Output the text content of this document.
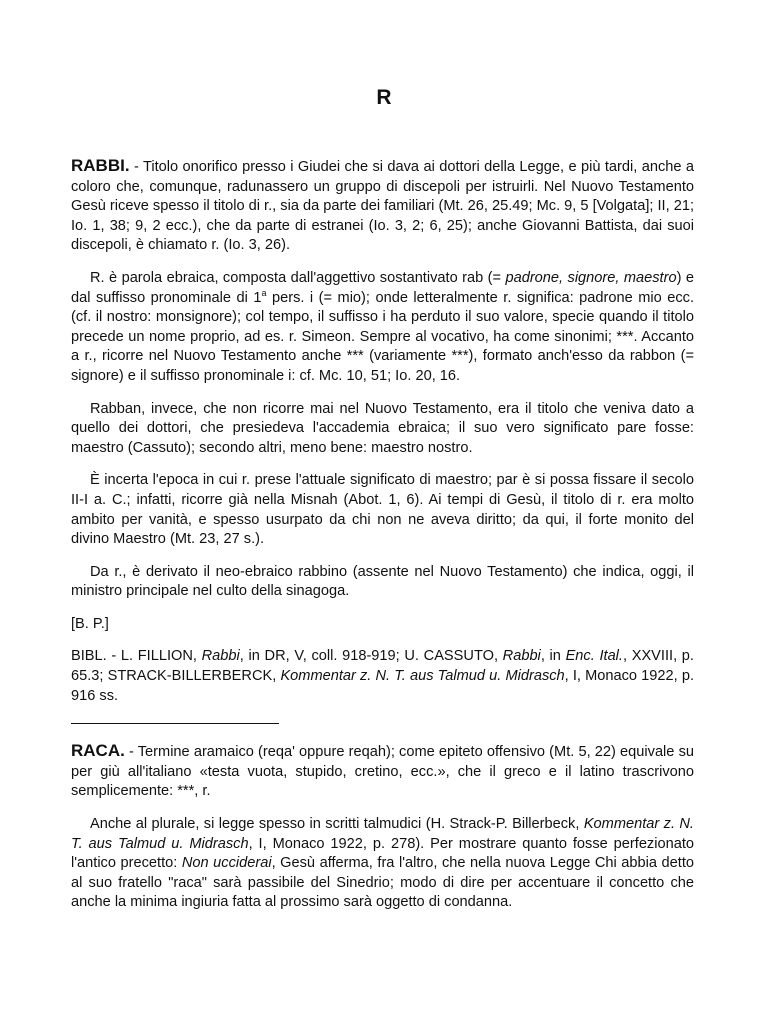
R

RABBI. - Titolo onorifico presso i Giudei che si dava ai dottori della Legge, e più tardi, anche a coloro che, comunque, radunassero un gruppo di discepoli per istruirli. Nel Nuovo Testamento Gesù riceve spesso il titolo di r., sia da parte dei familiari (Mt. 26, 25.49; Mc. 9, 5 [Volgata]; II, 21; Io. 1, 38; 9, 2 ecc.), che da parte di estranei (Io. 3, 2; 6, 25); anche Giovanni Battista, dai suoi discepoli, è chiamato r. (Io. 3, 26).

R. è parola ebraica, composta dall'aggettivo sostantivato rab (= padrone, signore, maestro) e dal suffisso pronominale di 1$^a$ pers. i (= mio); onde letteralmente r. significa: padrone mio ecc. (cf. il nostro: monsignore); col tempo, il suffisso i ha perduto il suo valore, specie quando il titolo precede un nome proprio, ad es. r. Simeon. Sempre al vocativo, ha come sinonimi; ***. Accanto a r., ricorre nel Nuovo Testamento anche *** (variamente ***), formato anch'esso da rabbon (= signore) e il suffisso pronominale i: cf. Mc. 10, 51; Io. 20, 16.

Rabban, invece, che non ricorre mai nel Nuovo Testamento, era il titolo che veniva dato a quello dei dottori, che presiedeva l'accademia ebraica; il suo vero significato pare fosse: maestro (Cassuto); secondo altri, meno bene: maestro nostro.

È incerta l'epoca in cui r. prese l'attuale significato di maestro; par è si possa fissare il secolo II-I a. C.; infatti, ricorre già nella Misnah (Abot. 1, 6). Ai tempi di Gesù, il titolo di r. era molto ambito per vanità, e spesso usurpato da chi non ne aveva diritto; da qui, il forte monito del divino Maestro (Mt. 23, 27 s.).

Da r., è derivato il neo-ebraico rabbino (assente nel Nuovo Testamento) che indica, oggi, il ministro principale nel culto della sinagoga.

[B. P.]

BIBL. - L. FILLION, Rabbi, in DR, V, coll. 918-919; U. CASSUTO, Rabbi, in Enc. Ital., XXVIII, p. 65.3; STRACK-BILLERBERCK, Kommentar z. N. T. aus Talmud u. Midrasch, I, Monaco 1922, p. 916 ss.

RACA. - Termine aramaico (reqa' oppure reqah); come epiteto offensivo (Mt. 5, 22) equivale su per giù all'italiano «testa vuota, stupido, cretino, ecc.», che il greco e il latino trascrivono semplicemente: ***, r.

Anche al plurale, si legge spesso in scritti talmudici (H. Strack-P. Billerbeck, Kommentar z. N. T. aus Talmud u. Midrasch, I, Monaco 1922, p. 278). Per mostrare quanto fosse perfezionato l'antico precetto: Non ucciderai, Gesù afferma, fra l'altro, che nella nuova Legge Chi abbia detto al suo fratello "raca" sarà passibile del Sinedrio; modo di dire per accentuare il concetto che anche la minima ingiuria fatta al prossimo sarà oggetto di condanna.
